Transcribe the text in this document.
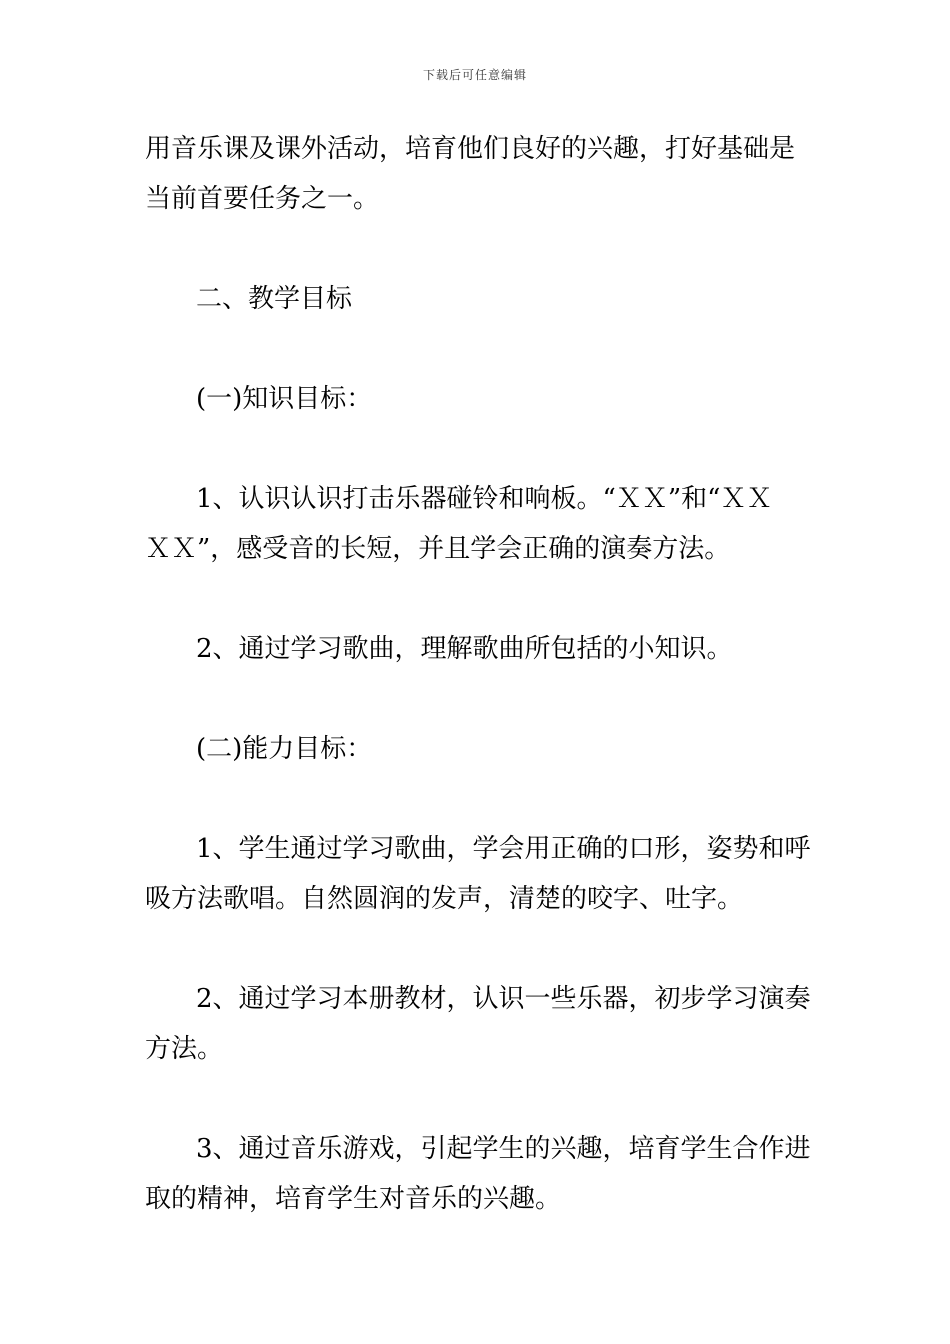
下载后可任意编辑
用音乐课及课外活动，培育他们良好的兴趣，打好基础是
当前首要任务之一。
二、教学目标
(一)知识目标：
1、认识认识打击乐器碰铃和响板。“ＸＸ”和“ＸＸ
ＸＸ”，感受音的长短，并且学会正确的演奏方法。
2、通过学习歌曲，理解歌曲所包括的小知识。
(二)能力目标：
1、学生通过学习歌曲，学会用正确的口形，姿势和呼
吸方法歌唱。自然圆润的发声，清楚的咬字、吐字。
2、通过学习本册教材，认识一些乐器，初步学习演奏
方法。
3、通过音乐游戏，引起学生的兴趣，培育学生合作进
取的精神，培育学生对音乐的兴趣。
